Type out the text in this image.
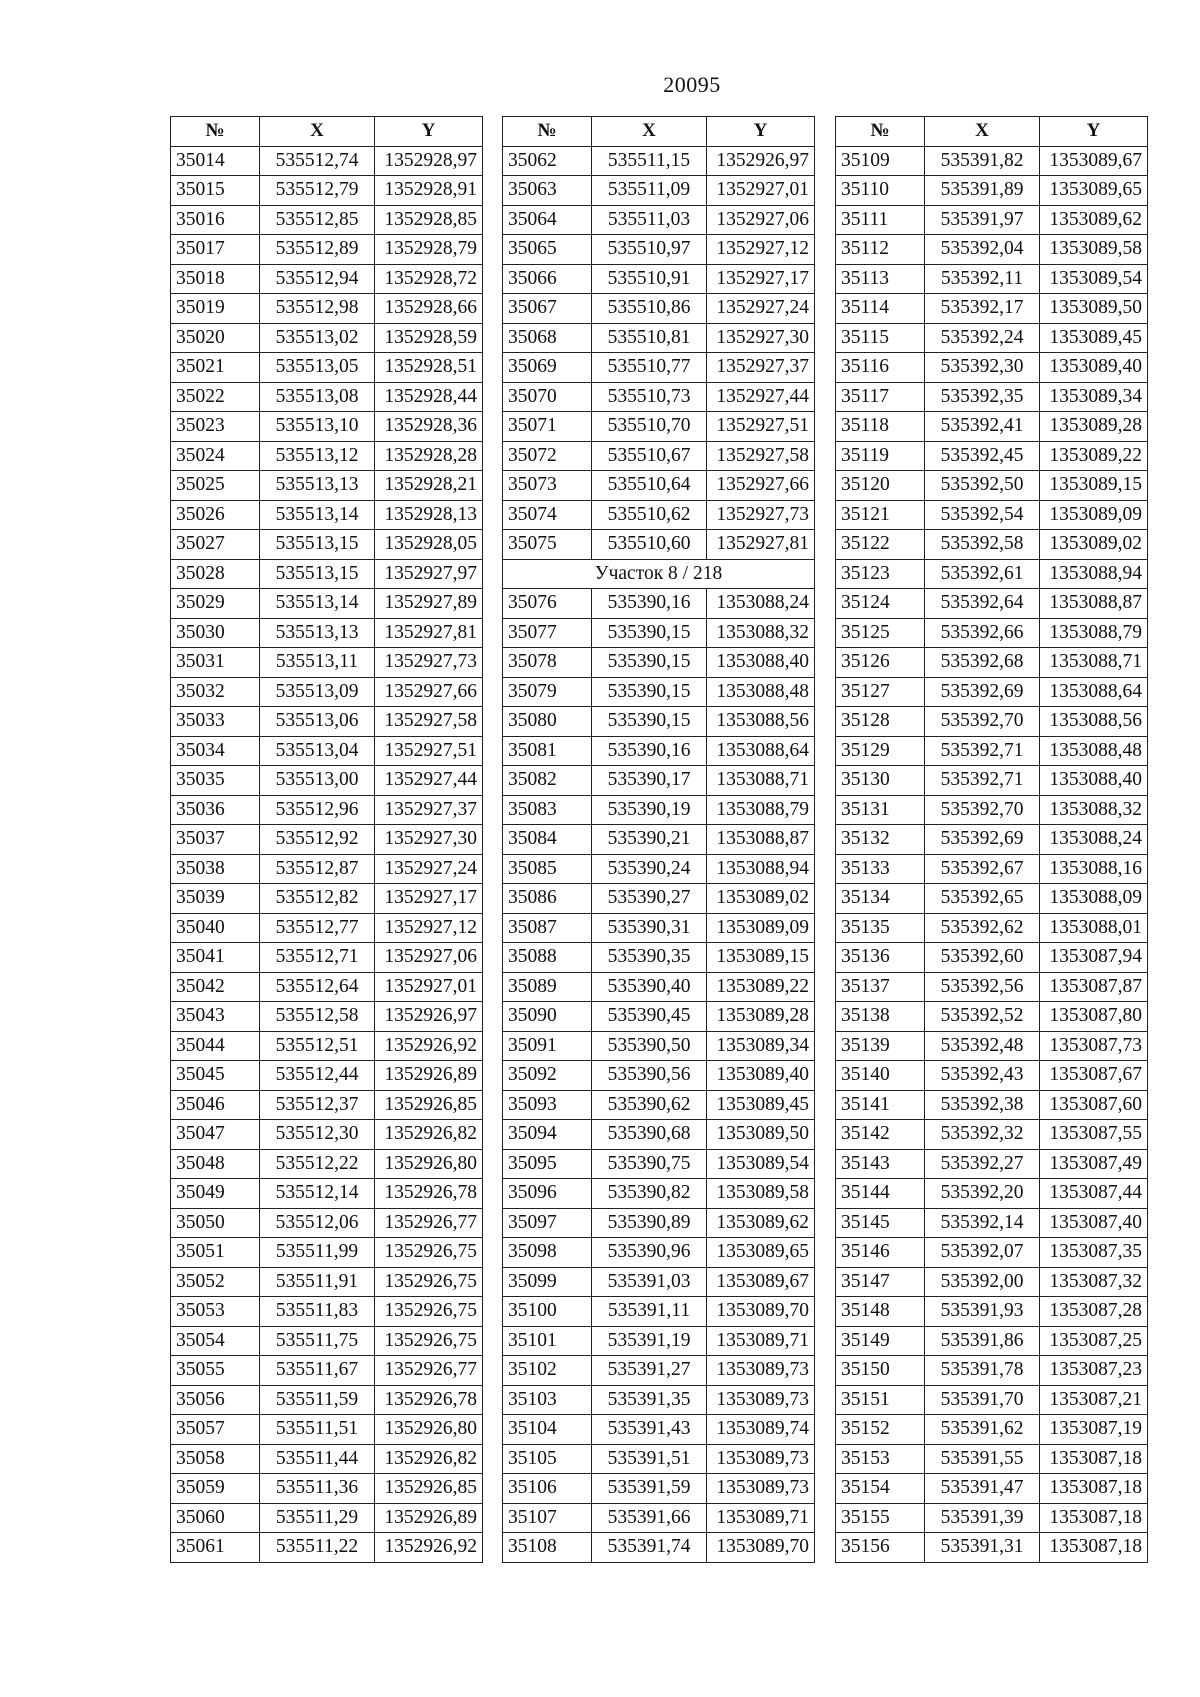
20095
№	X	Y
35014	535512,74	1352928,97
35015	535512,79	1352928,91
35016	535512,85	1352928,85
35017	535512,89	1352928,79
35018	535512,94	1352928,72
35019	535512,98	1352928,66
35020	535513,02	1352928,59
35021	535513,05	1352928,51
35022	535513,08	1352928,44
35023	535513,10	1352928,36
35024	535513,12	1352928,28
35025	535513,13	1352928,21
35026	535513,14	1352928,13
35027	535513,15	1352928,05
35028	535513,15	1352927,97
35029	535513,14	1352927,89
35030	535513,13	1352927,81
35031	535513,11	1352927,73
35032	535513,09	1352927,66
35033	535513,06	1352927,58
35034	535513,04	1352927,51
35035	535513,00	1352927,44
35036	535512,96	1352927,37
35037	535512,92	1352927,30
35038	535512,87	1352927,24
35039	535512,82	1352927,17
35040	535512,77	1352927,12
35041	535512,71	1352927,06
35042	535512,64	1352927,01
35043	535512,58	1352926,97
35044	535512,51	1352926,92
35045	535512,44	1352926,89
35046	535512,37	1352926,85
35047	535512,30	1352926,82
35048	535512,22	1352926,80
35049	535512,14	1352926,78
35050	535512,06	1352926,77
35051	535511,99	1352926,75
35052	535511,91	1352926,75
35053	535511,83	1352926,75
35054	535511,75	1352926,75
35055	535511,67	1352926,77
35056	535511,59	1352926,78
35057	535511,51	1352926,80
35058	535511,44	1352926,82
35059	535511,36	1352926,85
35060	535511,29	1352926,89
35061	535511,22	1352926,92
№	X	Y
35062	535511,15	1352926,97
35063	535511,09	1352927,01
35064	535511,03	1352927,06
35065	535510,97	1352927,12
35066	535510,91	1352927,17
35067	535510,86	1352927,24
35068	535510,81	1352927,30
35069	535510,77	1352927,37
35070	535510,73	1352927,44
35071	535510,70	1352927,51
35072	535510,67	1352927,58
35073	535510,64	1352927,66
35074	535510,62	1352927,73
35075	535510,60	1352927,81
Участок 8 / 218		
35076	535390,16	1353088,24
35077	535390,15	1353088,32
35078	535390,15	1353088,40
35079	535390,15	1353088,48
35080	535390,15	1353088,56
35081	535390,16	1353088,64
35082	535390,17	1353088,71
35083	535390,19	1353088,79
35084	535390,21	1353088,87
35085	535390,24	1353088,94
35086	535390,27	1353089,02
35087	535390,31	1353089,09
35088	535390,35	1353089,15
35089	535390,40	1353089,22
35090	535390,45	1353089,28
35091	535390,50	1353089,34
35092	535390,56	1353089,40
35093	535390,62	1353089,45
35094	535390,68	1353089,50
35095	535390,75	1353089,54
35096	535390,82	1353089,58
35097	535390,89	1353089,62
35098	535390,96	1353089,65
35099	535391,03	1353089,67
35100	535391,11	1353089,70
35101	535391,19	1353089,71
35102	535391,27	1353089,73
35103	535391,35	1353089,73
35104	535391,43	1353089,74
35105	535391,51	1353089,73
35106	535391,59	1353089,73
35107	535391,66	1353089,71
35108	535391,74	1353089,70
№	X	Y
35109	535391,82	1353089,67
35110	535391,89	1353089,65
35111	535391,97	1353089,62
35112	535392,04	1353089,58
35113	535392,11	1353089,54
35114	535392,17	1353089,50
35115	535392,24	1353089,45
35116	535392,30	1353089,40
35117	535392,35	1353089,34
35118	535392,41	1353089,28
35119	535392,45	1353089,22
35120	535392,50	1353089,15
35121	535392,54	1353089,09
35122	535392,58	1353089,02
35123	535392,61	1353088,94
35124	535392,64	1353088,87
35125	535392,66	1353088,79
35126	535392,68	1353088,71
35127	535392,69	1353088,64
35128	535392,70	1353088,56
35129	535392,71	1353088,48
35130	535392,71	1353088,40
35131	535392,70	1353088,32
35132	535392,69	1353088,24
35133	535392,67	1353088,16
35134	535392,65	1353088,09
35135	535392,62	1353088,01
35136	535392,60	1353087,94
35137	535392,56	1353087,87
35138	535392,52	1353087,80
35139	535392,48	1353087,73
35140	535392,43	1353087,67
35141	535392,38	1353087,60
35142	535392,32	1353087,55
35143	535392,27	1353087,49
35144	535392,20	1353087,44
35145	535392,14	1353087,40
35146	535392,07	1353087,35
35147	535392,00	1353087,32
35148	535391,93	1353087,28
35149	535391,86	1353087,25
35150	535391,78	1353087,23
35151	535391,70	1353087,21
35152	535391,62	1353087,19
35153	535391,55	1353087,18
35154	535391,47	1353087,18
35155	535391,39	1353087,18
35156	535391,31	1353087,18
